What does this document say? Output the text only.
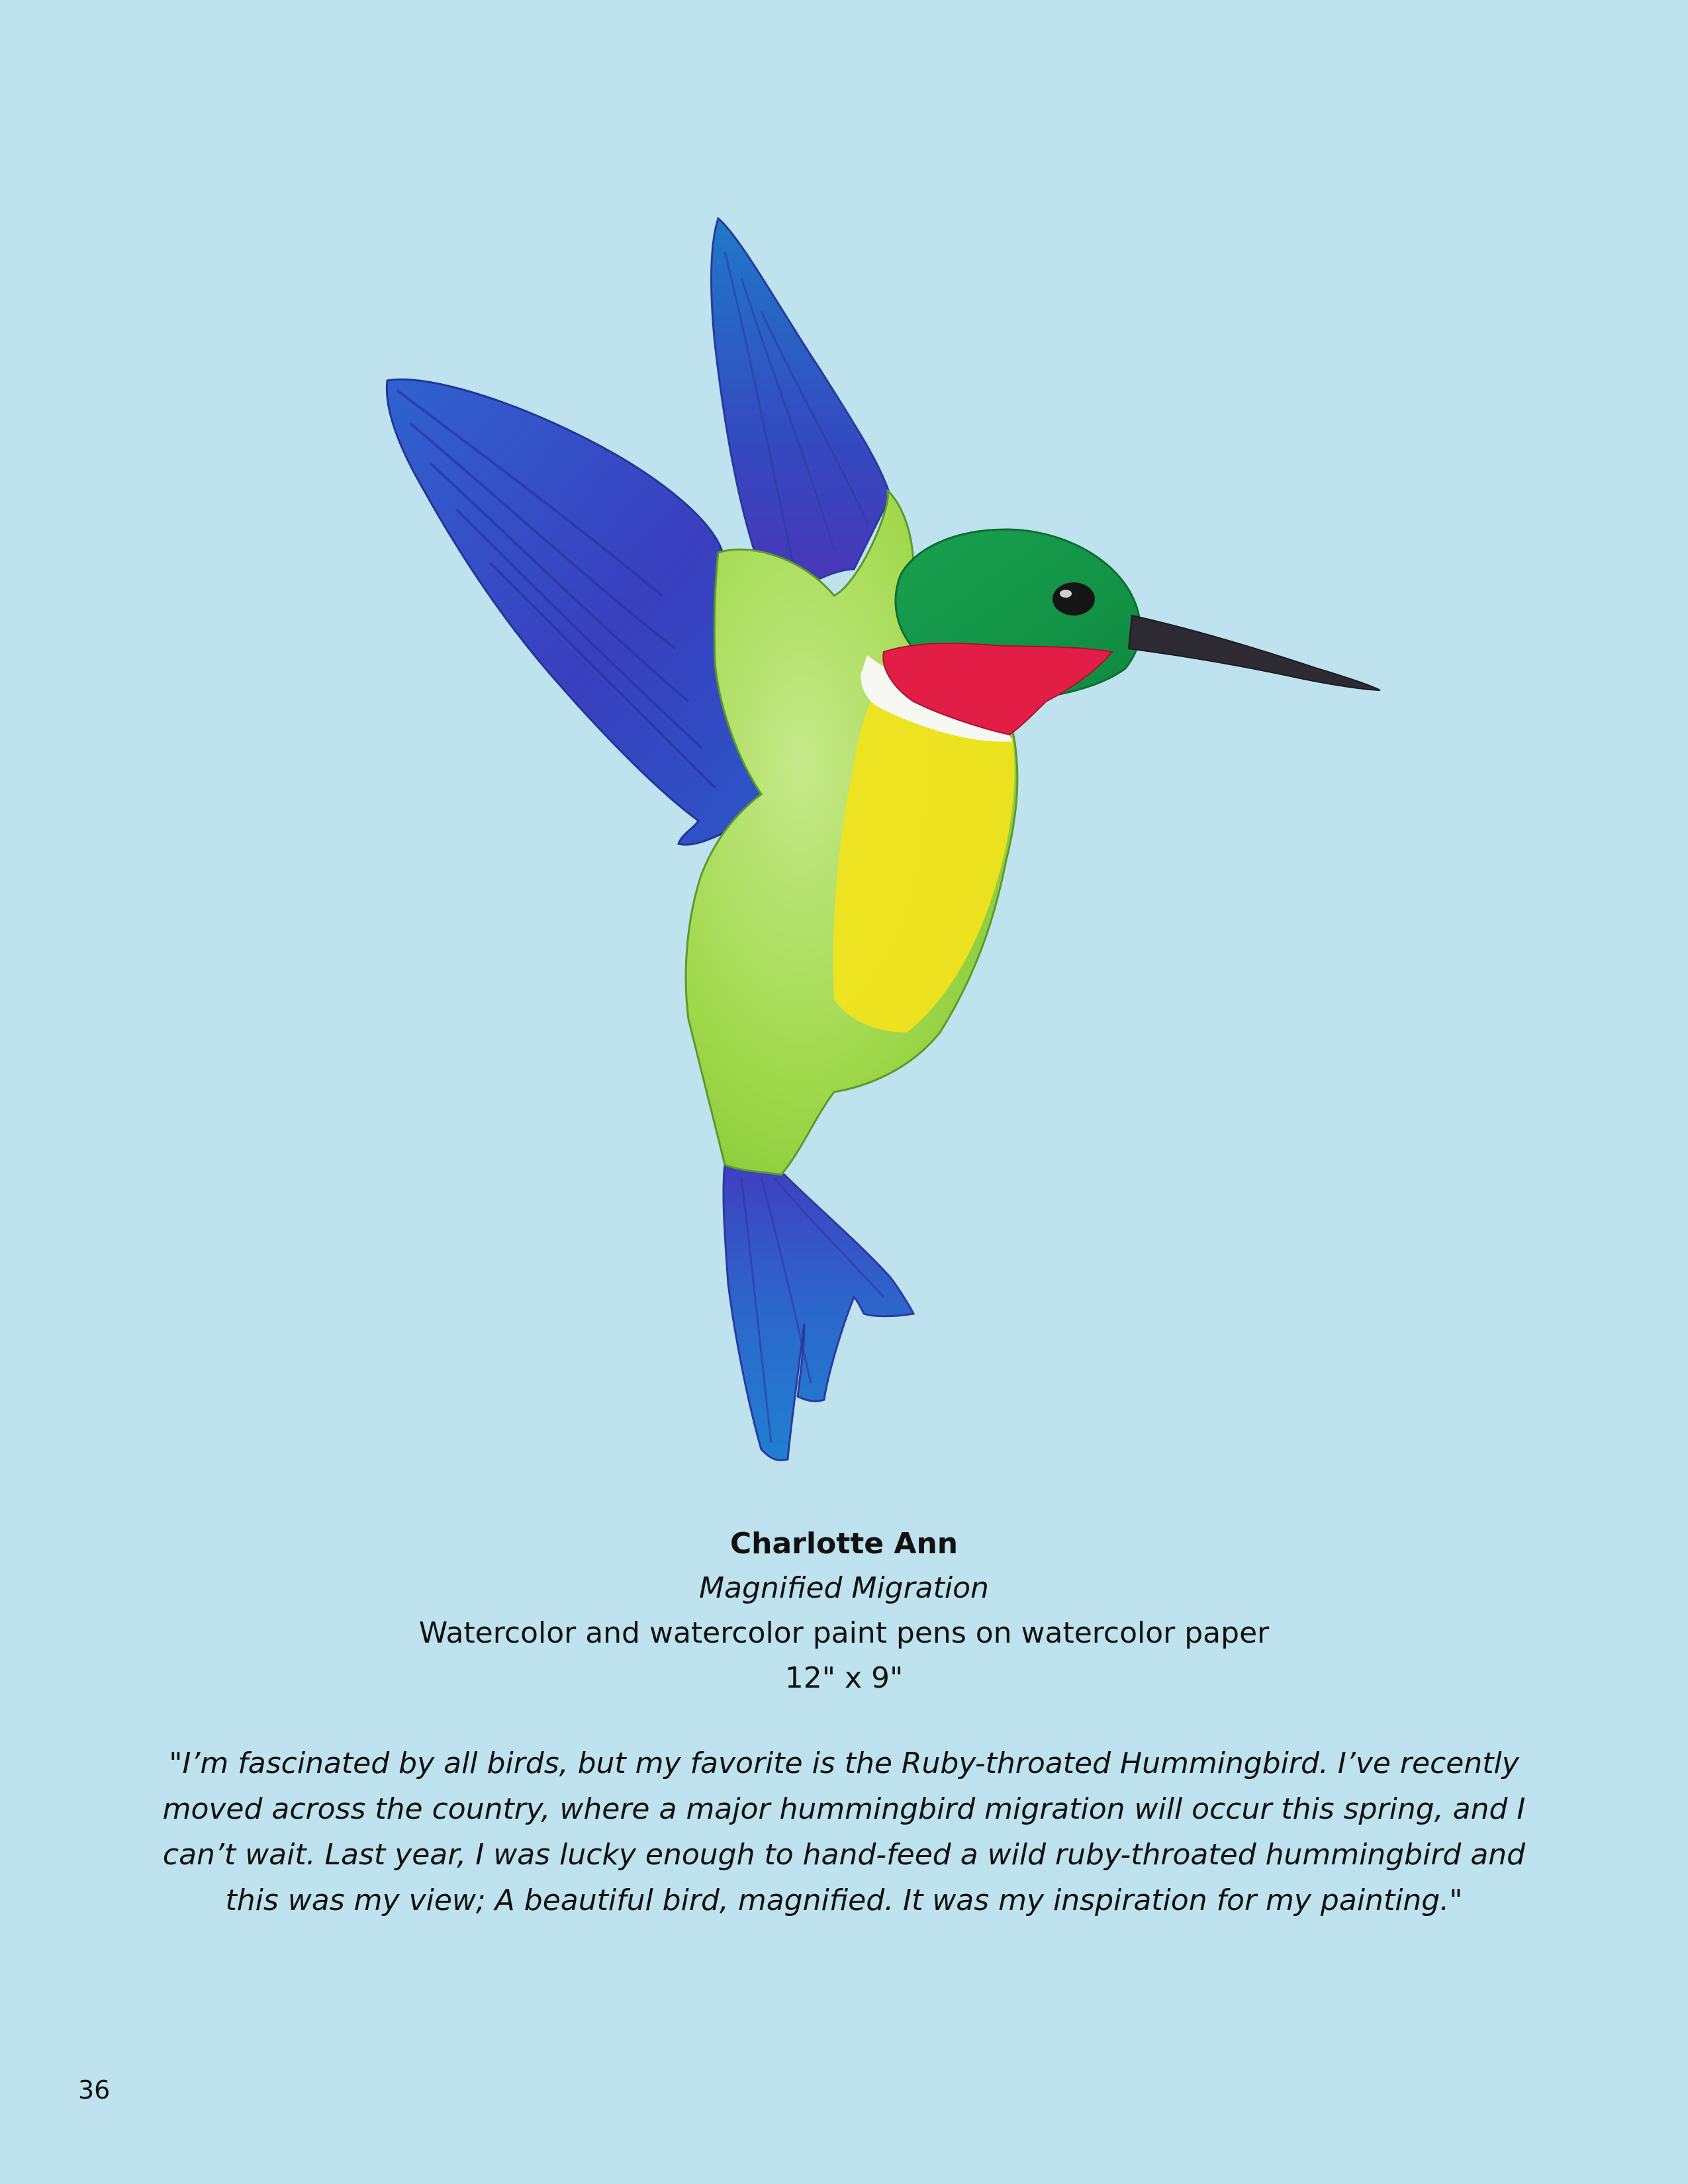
Charlotte Ann

Magnified Migration

Watercolor and watercolor paint pens on watercolor paper

12" x 9"

"I’m fascinated by all birds, but my favorite is the Ruby-throated Hummingbird. I’ve recently moved across the country, where a major hummingbird migration will occur this spring, and I can’t wait. Last year, I was lucky enough to hand-feed a wild ruby-throated hummingbird and this was my view; A beautiful bird, magnified. It was my inspiration for my painting."

36
